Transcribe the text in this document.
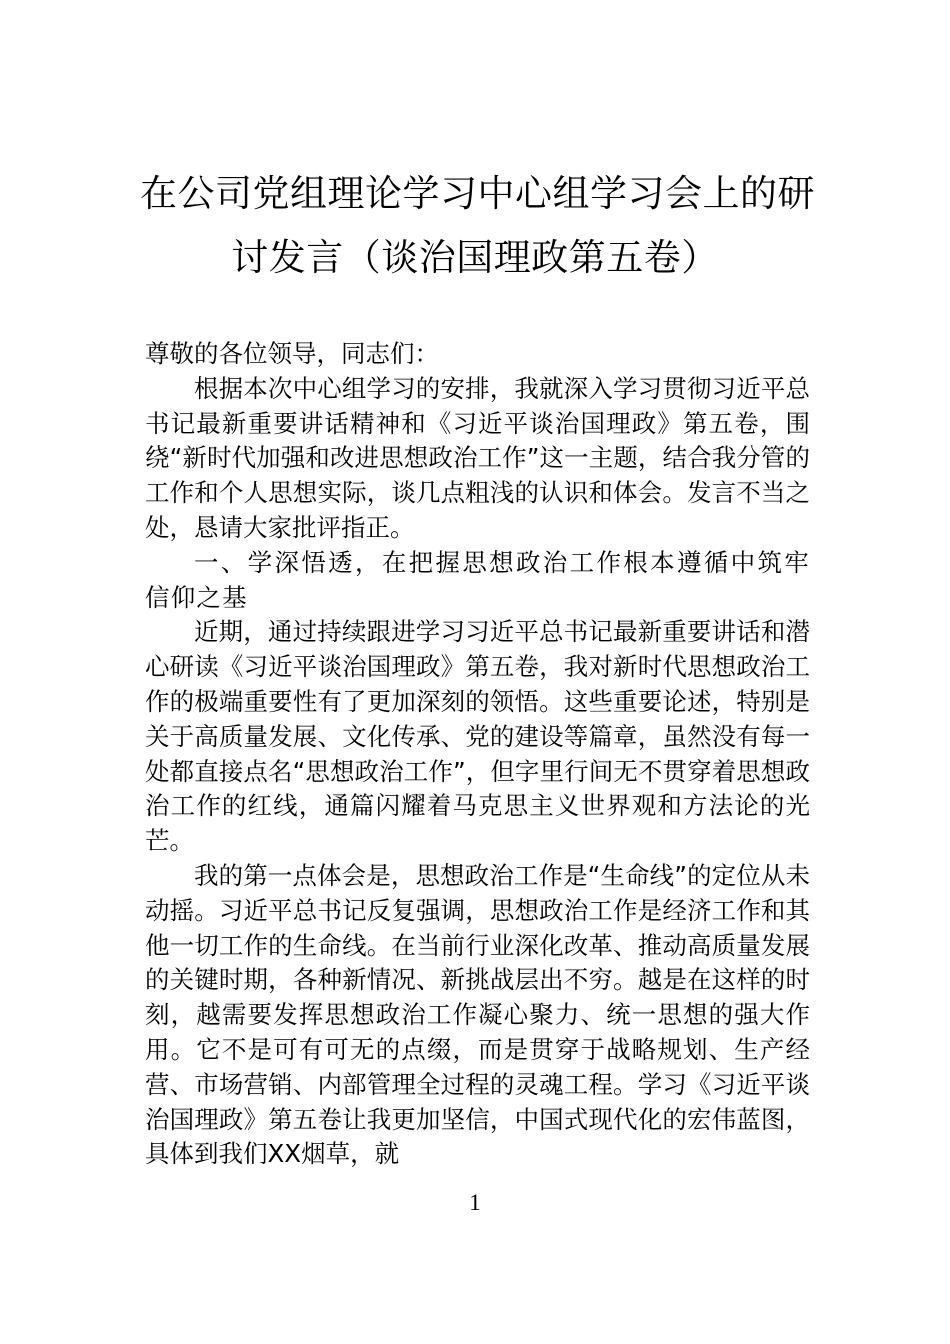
在公司党组理论学习中心组学习会上的研
讨发言（谈治国理政第五卷）

尊敬的各位领导，同志们：

根据本次中心组学习的安排，我就深入学习贯彻习近平总书记最新重要讲话精神和《习近平谈治国理政》第五卷，围绕“新时代加强和改进思想政治工作”这一主题，结合我分管的工作和个人思想实际，谈几点粗浅的认识和体会。发言不当之处，恳请大家批评指正。

一、学深悟透，在把握思想政治工作根本遵循中筑牢信仰之基

近期，通过持续跟进学习习近平总书记最新重要讲话和潜心研读《习近平谈治国理政》第五卷，我对新时代思想政治工作的极端重要性有了更加深刻的领悟。这些重要论述，特别是关于高质量发展、文化传承、党的建设等篇章，虽然没有每一处都直接点名“思想政治工作”，但字里行间无不贯穿着思想政治工作的红线，通篇闪耀着马克思主义世界观和方法论的光芒。

我的第一点体会是，思想政治工作是“生命线”的定位从未动摇。习近平总书记反复强调，思想政治工作是经济工作和其他一切工作的生命线。在当前行业深化改革、推动高质量发展的关键时期，各种新情况、新挑战层出不穷。越是在这样的时刻，越需要发挥思想政治工作凝心聚力、统一思想的强大作用。它不是可有可无的点缀，而是贯穿于战略规划、生产经营、市场营销、内部管理全过程的灵魂工程。学习《习近平谈治国理政》第五卷让我更加坚信，中国式现代化的宏伟蓝图，具体到我们XX烟草，就

1
